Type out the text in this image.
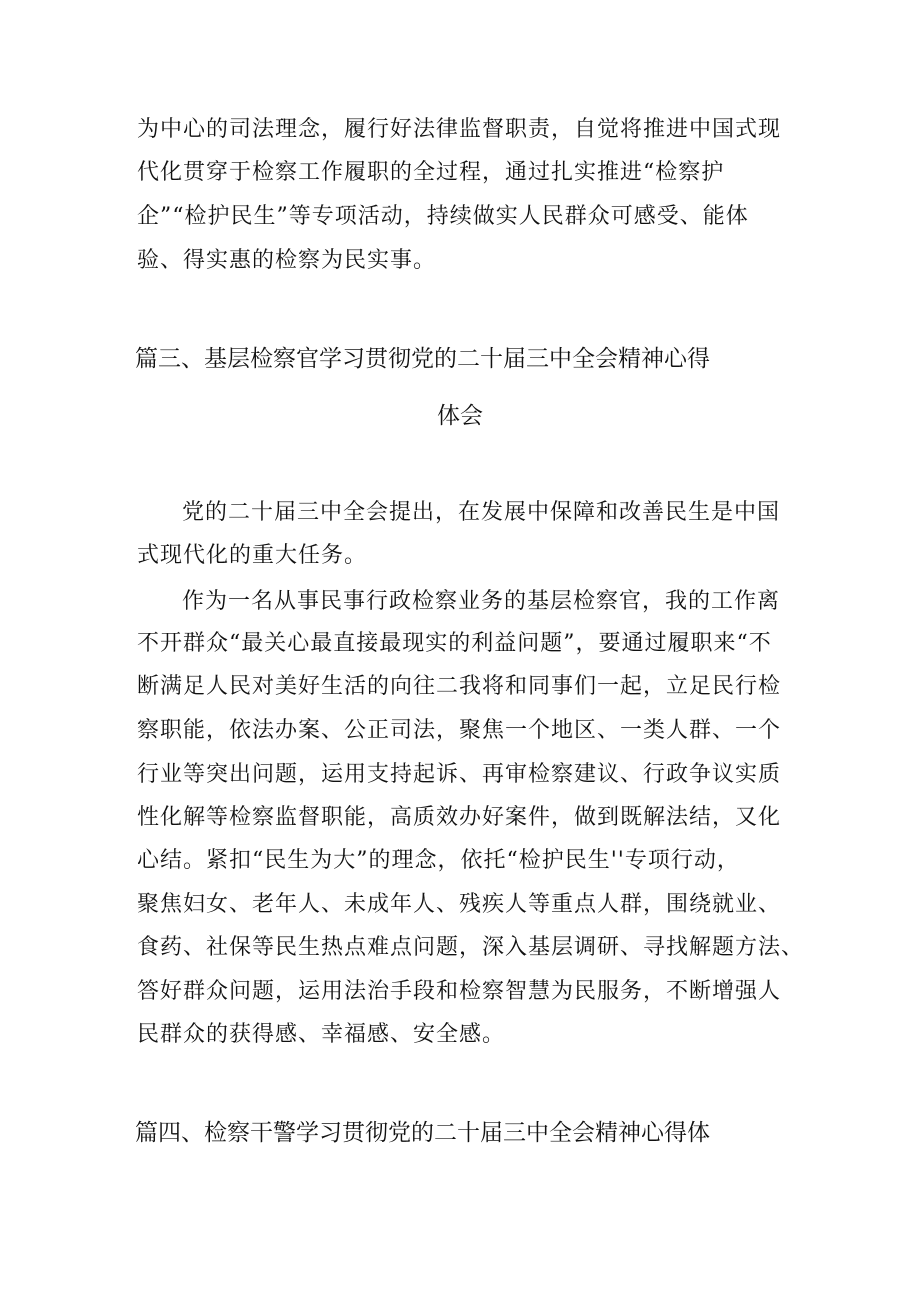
为中心的司法理念，履行好法律监督职责，自觉将推进中国式现
代化贯穿于检察工作履职的全过程，通过扎实推进“检察护
企”“检护民生”等专项活动，持续做实人民群众可感受、能体
验、得实惠的检察为民实事。
篇三、基层检察官学习贯彻党的二十届三中全会精神心得
体会
党的二十届三中全会提出，在发展中保障和改善民生是中国
式现代化的重大任务。
作为一名从事民事行政检察业务的基层检察官，我的工作离
不开群众“最关心最直接最现实的利益问题”，要通过履职来“不
断满足人民对美好生活的向往二我将和同事们一起，立足民行检
察职能，依法办案、公正司法，聚焦一个地区、一类人群、一个
行业等突出问题，运用支持起诉、再审检察建议、行政争议实质
性化解等检察监督职能，高质效办好案件，做到既解法结，又化
心结。紧扣“民生为大”的理念，依托“检护民生''专项行动，
聚焦妇女、老年人、未成年人、残疾人等重点人群，围绕就业、
食药、社保等民生热点难点问题，深入基层调研、寻找解题方法、
答好群众问题，运用法治手段和检察智慧为民服务，不断增强人
民群众的获得感、幸福感、安全感。
篇四、检察干警学习贯彻党的二十届三中全会精神心得体
